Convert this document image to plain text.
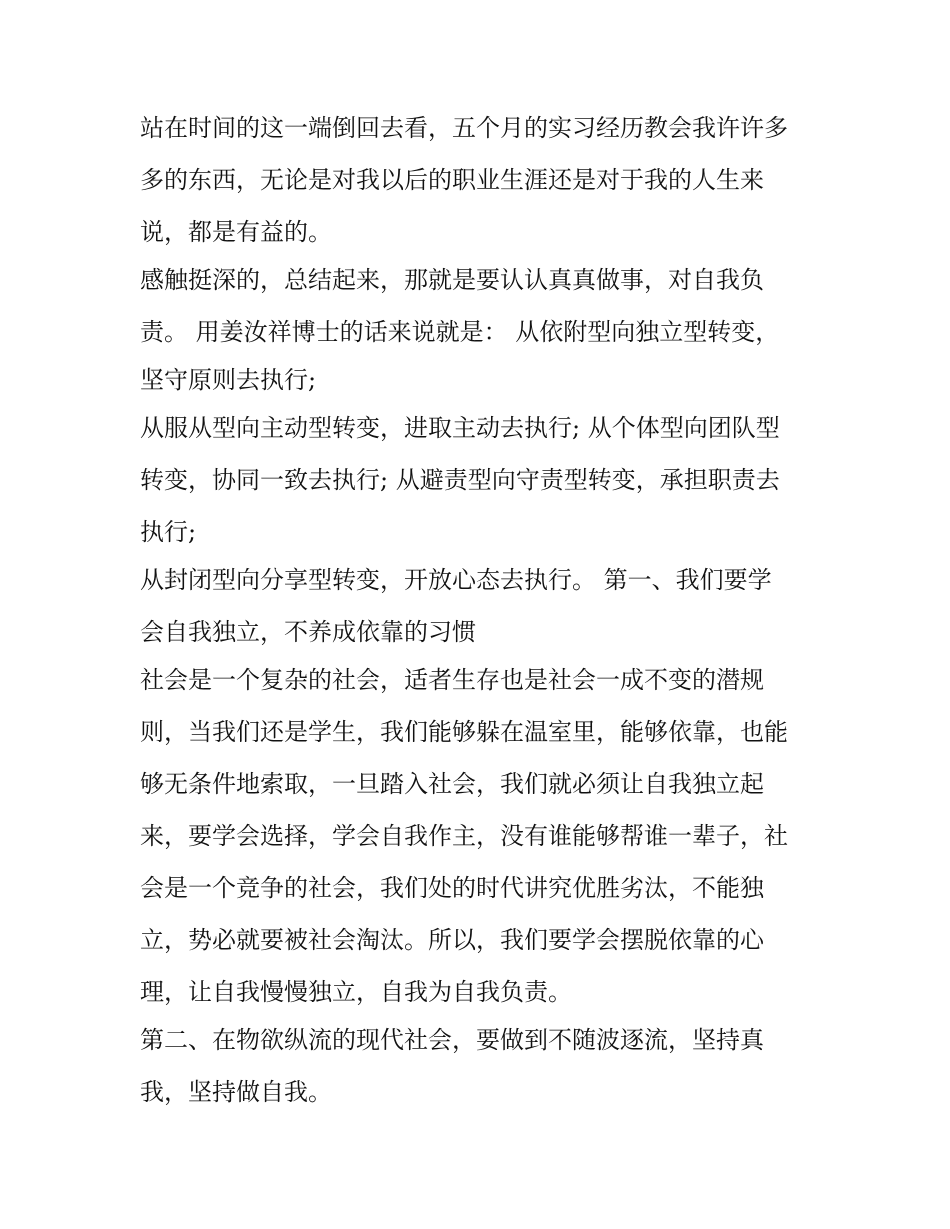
站在时间的这一端倒回去看，五个月的实习经历教会我许许多
多的东西，无论是对我以后的职业生涯还是对于我的人生来
说，都是有益的。
感触挺深的，总结起来，那就是要认认真真做事，对自我负
责。 用姜汝祥博士的话来说就是： 从依附型向独立型转变，
坚守原则去执行;
从服从型向主动型转变，进取主动去执行; 从个体型向团队型
转变，协同一致去执行; 从避责型向守责型转变，承担职责去
执行;
从封闭型向分享型转变，开放心态去执行。 第一、我们要学
会自我独立，不养成依靠的习惯
社会是一个复杂的社会，适者生存也是社会一成不变的潜规
则，当我们还是学生，我们能够躲在温室里，能够依靠，也能
够无条件地索取，一旦踏入社会，我们就必须让自我独立起
来，要学会选择，学会自我作主，没有谁能够帮谁一辈子，社
会是一个竞争的社会，我们处的时代讲究优胜劣汰，不能独
立，势必就要被社会淘汰。所以，我们要学会摆脱依靠的心
理，让自我慢慢独立，自我为自我负责。
第二、在物欲纵流的现代社会，要做到不随波逐流，坚持真
我，坚持做自我。
